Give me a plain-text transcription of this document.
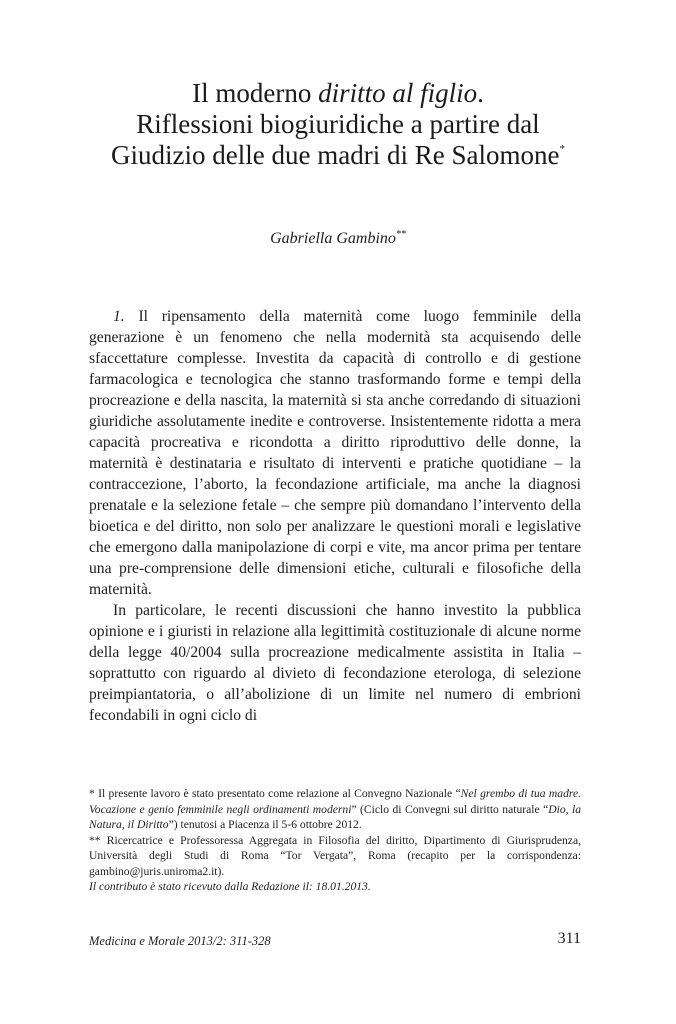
Il moderno diritto al figlio.
Riflessioni biogiuridiche a partire dal
Giudizio delle due madri di Re Salomone*
Gabriella Gambino**

1. Il ripensamento della maternità come luogo femminile della generazione è un fenomeno che nella modernità sta acquisendo delle sfaccettature complesse. Investita da capacità di controllo e di gestione farmacologica e tecnologica che stanno trasformando forme e tempi della procreazione e della nascita, la maternità si sta anche corredando di situazioni giuridiche assolutamente inedite e controverse. Insistentemente ridotta a mera capacità procreativa e ricondotta a diritto riproduttivo delle donne, la maternità è destinataria e risultato di interventi e pratiche quotidiane – la contraccezione, l’aborto, la fecondazione artificiale, ma anche la diagnosi prenatale e la selezione fetale – che sempre più domandano l’intervento della bioetica e del diritto, non solo per analizzare le questioni morali e legislative che emergono dalla manipolazione di corpi e vite, ma ancor prima per tentare una pre-comprensione delle dimensioni etiche, culturali e filosofiche della maternità.

In particolare, le recenti discussioni che hanno investito la pubblica opinione e i giuristi in relazione alla legittimità costituzionale di alcune norme della legge 40/2004 sulla procreazione medicalmente assistita in Italia – soprattutto con riguardo al divieto di fecondazione eterologa, di selezione preimpiantatoria, o all’abolizione di un limite nel numero di embrioni fecondabili in ogni ciclo di

* Il presente lavoro è stato presentato come relazione al Convegno Nazionale “Nel grembo di tua madre. Vocazione e genio femminile negli ordinamenti moderni” (Ciclo di Convegni sul diritto naturale “Dio, la Natura, il Diritto”) tenutosi a Piacenza il 5-6 ottobre 2012.

** Ricercatrice e Professoressa Aggregata in Filosofia del diritto, Dipartimento di Giurisprudenza, Università degli Studi di Roma “Tor Vergata”, Roma (recapito per la corrispondenza: gambino@juris.uniroma2.it).

Il contributo è stato ricevuto dalla Redazione il: 18.01.2013.

Medicina e Morale 2013/2: 311-328	311
